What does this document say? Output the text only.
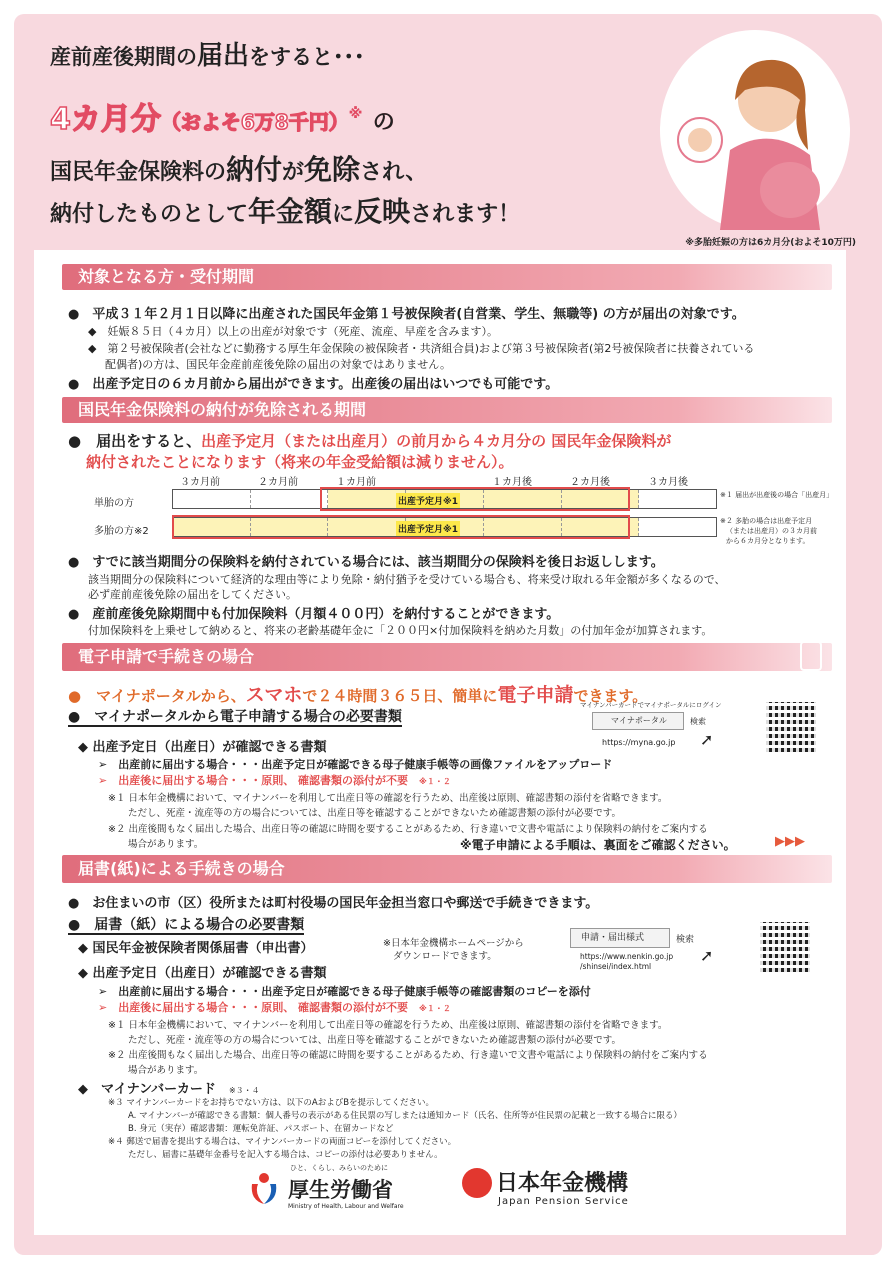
産前産後期間の届出をすると･･･
4カ月分（およそ6万8千円）※ の
国民年金保険料の納付が免除され、
納付したものとして年金額に反映されます！
※多胎妊娠の方は6カ月分(およそ10万円)
対象となる方・受付期間
●　平成３１年２月１日以降に出産された国民年金第１号被保険者(自営業、学生、無職等) の方が届出の対象です。
◆　妊娠８５日（４カ月）以上の出産が対象です（死産、流産、早産を含みます）。
◆　第２号被保険者(会社などに勤務する厚生年金保険の被保険者・共済組合員)および第３号被保険者(第2号被保険者に扶養されている
配偶者)の方は、国民年金産前産後免除の届出の対象ではありません。
●　出産予定日の６カ月前から届出ができます。出産後の届出はいつでも可能です。
国民年金保険料の納付が免除される期間
●　届出をすると、出産予定月（または出産月）の前月から４カ月分の 国民年金保険料が
納付されたことになります（将来の年金受給額は減りません）。
３カ月前	２カ月前	１カ月前	１カ月後	２カ月後	３カ月後
単胎の方	出産予定月※1
多胎の方※2	出産予定月※1
※１ 届出が出産後の場合「出産月」
※２ 多胎の場合は出産予定月
（または出産月）の３カ月前
から６カ月分となります。
●　すでに該当期間分の保険料を納付されている場合には、該当期間分の保険料を後日お返しします。
該当期間分の保険料について経済的な理由等により免除・納付猶予を受けている場合も、将来受け取れる年金額が多くなるので、
必ず産前産後免除の届出をしてください。
●　産前産後免除期間中も付加保険料（月額４００円）を納付することができます。
付加保険料を上乗せして納めると、将来の老齢基礎年金に「２００円×付加保険料を納めた月数」の付加年金が加算されます。
電子申請で手続きの場合
●　マイナポータルから、スマホで２４時間３６５日、簡単に電子申請できます。
●　マイナポータルから電子申請する場合の必要書類
マイナンバーカードでマイナポータルにログイン
マイナポータル	検索
https://myna.go.jp ➚
◆ 出産予定日（出産日）が確認できる書類
➢　出産前に届出する場合・・・出産予定日が確認できる母子健康手帳等の画像ファイルをアップロード
➢　出産後に届出する場合・・・原則、 確認書類の添付が不要　 ※１・２
※１ 日本年金機構において、マイナンバーを利用して出産日等の確認を行うため、出産後は原則、確認書類の添付を省略できます。
ただし、死産・流産等の方の場合については、出産日等を確認することができないため確認書類の添付が必要です。
※２ 出産後間もなく届出した場合、出産日等の確認に時間を要することがあるため、行き違いで文書や電話により保険料の納付をご案内する
場合があります。	※電子申請による手順は、裏面をご確認ください。	▶▶▶
届書(紙)による手続きの場合
●　お住まいの市（区）役所または町村役場の国民年金担当窓口や郵送で手続きできます。
●　届書（紙）による場合の必要書類
◆ 国民年金被保険者関係届書（申出書）	※日本年金機構ホームページから
ダウンロードできます。
申請・届出様式	検索
https://www.nenkin.go.jp
/shinsei/index.html
➚
◆ 出産予定日（出産日）が確認できる書類
➢　出産前に届出する場合・・・出産予定日が確認できる母子健康手帳等の確認書類のコピーを添付
➢　出産後に届出する場合・・・原則、 確認書類の添付が不要　 ※１・２
※１ 日本年金機構において、マイナンバーを利用して出産日等の確認を行うため、出産後は原則、確認書類の添付を省略できます。
ただし、死産・流産等の方の場合については、出産日等を確認することができないため確認書類の添付が必要です。
※２ 出産後間もなく届出した場合、出産日等の確認に時間を要することがあるため、行き違いで文書や電話により保険料の納付をご案内する
場合があります。
◆　マイナンバーカード　 ※３・４
※３ マイナンバーカードをお持ちでない方は、以下のAおよびBを提示してください。
A. マイナンバーが確認できる書類：個人番号の表示がある住民票の写しまたは通知カード（氏名、住所等が住民票の記載と一致する場合に限る）
B. 身元（実存）確認書類：運転免許証、パスポート、在留カードなど
※４ 郵送で届書を提出する場合は、マイナンバーカードの両面コピーを添付してください。
ただし、届書に基礎年金番号を記入する場合は、コピーの添付は必要ありません。
ひと、くらし、みらいのために
厚生労働省
Ministry of Health, Labour and Welfare
日本年金機構
Japan Pension Service
